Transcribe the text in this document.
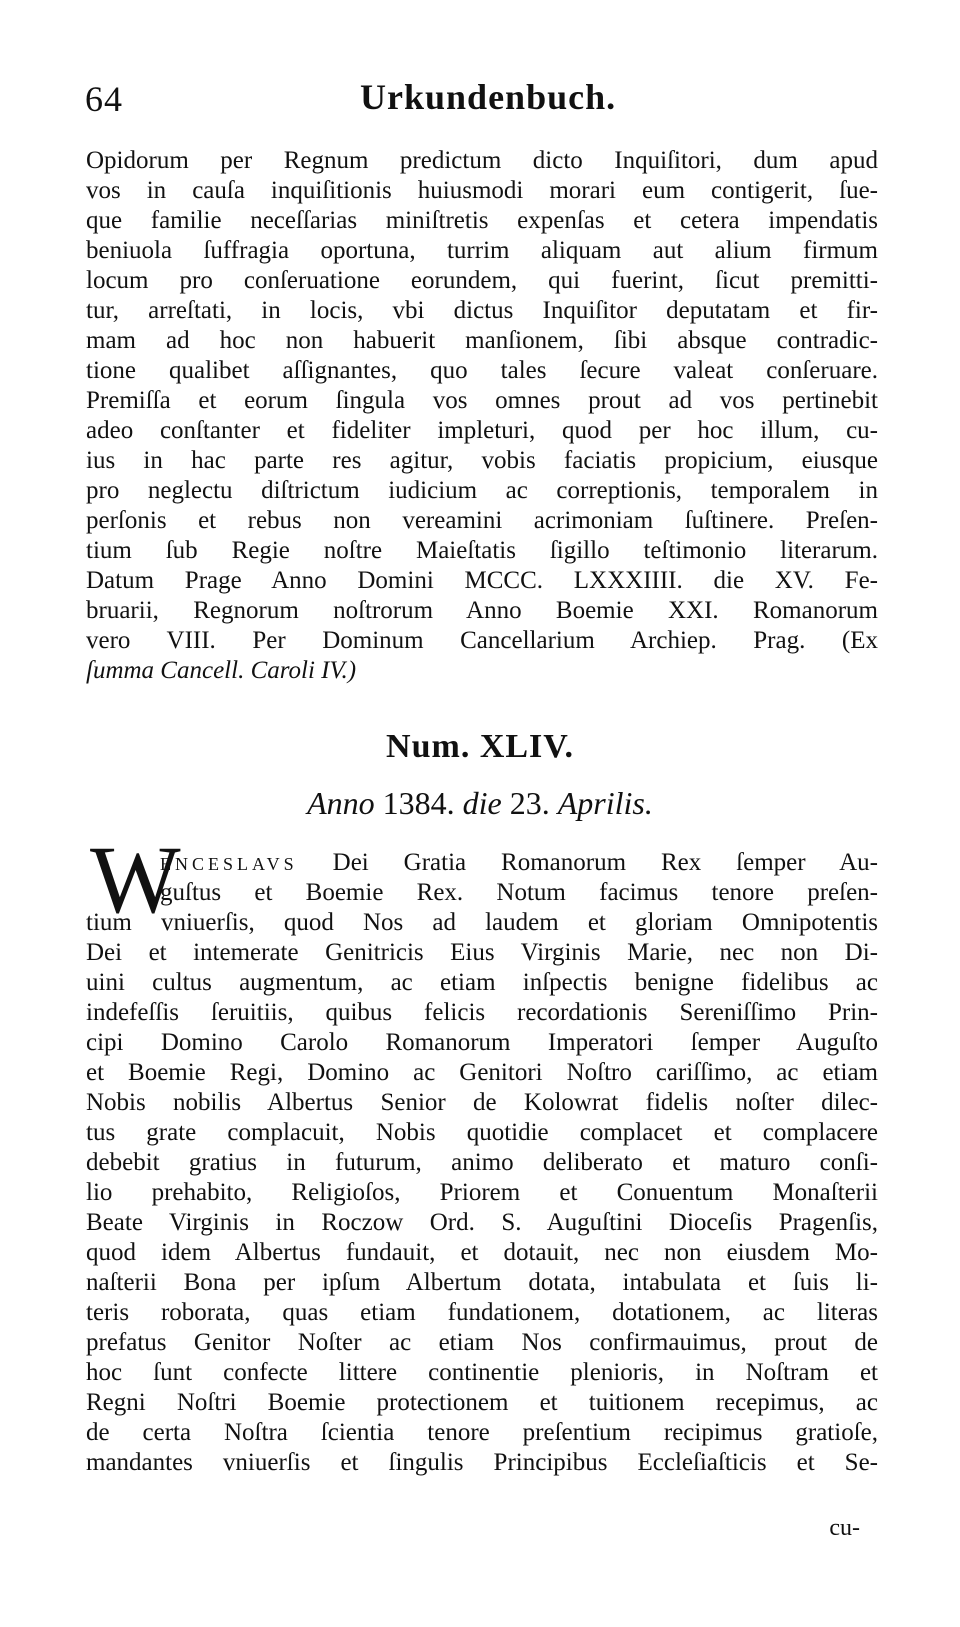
64	Urkundenbuch.
Opidorum per Regnum predictum dicto Inquiſitori, dum apud
vos in cauſa inquiſitionis huiusmodi morari eum contigerit, ſue-
que familie neceſſarias miniſtretis expenſas et cetera impendatis
beniuola ſuffragia oportuna, turrim aliquam aut alium firmum
locum pro conſeruatione eorundem, qui fuerint, ſicut premitti-
tur, arreſtati, in locis, vbi dictus Inquiſitor deputatam et fir-
mam ad hoc non habuerit manſionem, ſibi absque contradic-
tione qualibet aſſignantes, quo tales ſecure valeat conſeruare.
Premiſſa et eorum ſingula vos omnes prout ad vos pertinebit
adeo conſtanter et fideliter impleturi, quod per hoc illum, cu-
ius in hac parte res agitur, vobis faciatis propicium, eiusque
pro neglectu diſtrictum iudicium ac correptionis, temporalem in
perſonis et rebus non vereamini acrimoniam ſuſtinere. Preſen-
tium ſub Regie noſtre Maieſtatis ſigillo teſtimonio literarum.
Datum Prage Anno Domini MCCC. LXXXIIII. die XV. Fe-
bruarii, Regnorum noſtrorum Anno Boemie XXI. Romanorum
vero VIII. Per Dominum Cancellarium Archiep. Prag. (Ex
ſumma Cancell. Caroli IV.)
Num. XLIV.
Anno 1384. die 23. Aprilis.
W
ENCESLAVS Dei Gratia Romanorum Rex ſemper Au-
guſtus et Boemie Rex. Notum facimus tenore preſen-
tium vniuerſis, quod Nos ad laudem et gloriam Omnipotentis
Dei et intemerate Genitricis Eius Virginis Marie, nec non Di-
uini cultus augmentum, ac etiam inſpectis benigne fidelibus ac
indefeſſis ſeruitiis, quibus felicis recordationis Sereniſſimo Prin-
cipi Domino Carolo Romanorum Imperatori ſemper Auguſto
et Boemie Regi, Domino ac Genitori Noſtro cariſſimo, ac etiam
Nobis nobilis Albertus Senior de Kolowrat fidelis noſter dilec-
tus grate complacuit, Nobis quotidie complacet et complacere
debebit gratius in futurum, animo deliberato et maturo conſi-
lio prehabito, Religioſos, Priorem et Conuentum Monaſterii
Beate Virginis in Roczow Ord. S. Auguſtini Dioceſis Pragenſis,
quod idem Albertus fundauit, et dotauit, nec non eiusdem Mo-
naſterii Bona per ipſum Albertum dotata, intabulata et ſuis li-
teris roborata, quas etiam fundationem, dotationem, ac literas
prefatus Genitor Noſter ac etiam Nos confirmauimus, prout de
hoc ſunt confecte littere continentie plenioris, in Noſtram et
Regni Noſtri Boemie protectionem et tuitionem recepimus, ac
de certa Noſtra ſcientia tenore preſentium recipimus gratioſe,
mandantes vniuerſis et ſingulis Principibus Eccleſiaſticis et Se-
cu-
